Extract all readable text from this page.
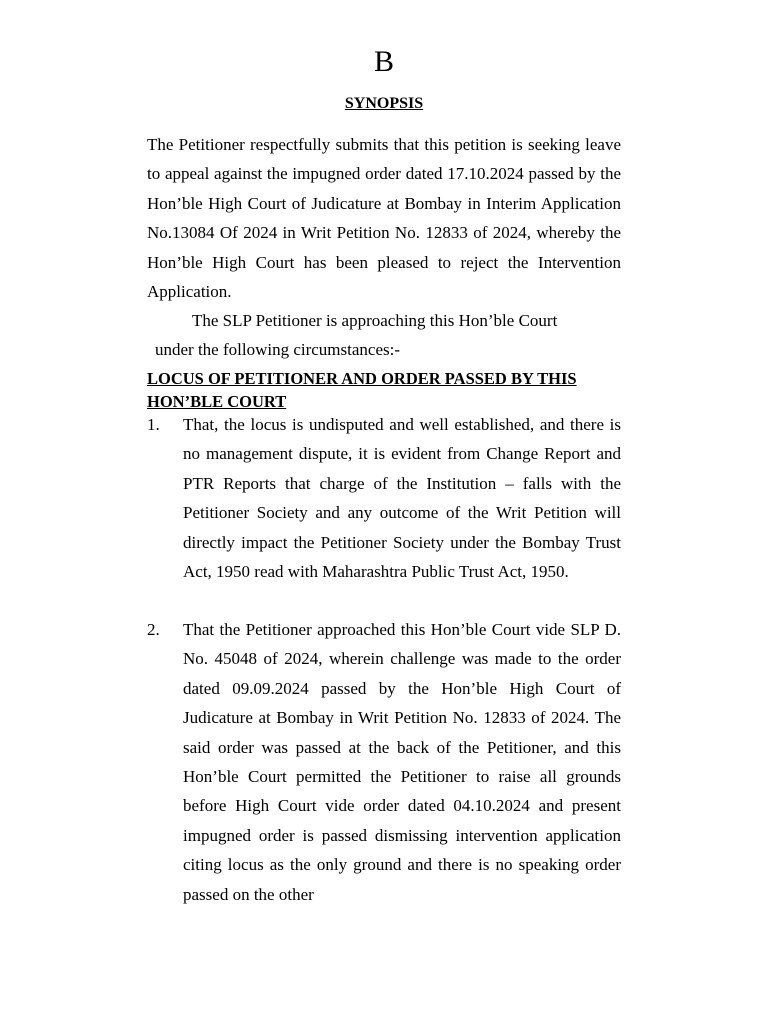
B
SYNOPSIS

The Petitioner respectfully submits that this petition is seeking leave to appeal against the impugned order dated 17.10.2024 passed by the Hon’ble High Court of Judicature at Bombay in Interim Application No.13084 Of 2024 in Writ Petition No. 12833 of 2024, whereby the Hon’ble High Court has been pleased to reject the Intervention Application.

The SLP Petitioner is approaching this Hon’ble Court

under the following circumstances:-

LOCUS OF PETITIONER AND ORDER PASSED BY THIS HON’BLE COURT

1. That, the locus is undisputed and well established, and there is no management dispute, it is evident from Change Report and PTR Reports that charge of the Institution – falls with the Petitioner Society and any outcome of the Writ Petition will directly impact the Petitioner Society under the Bombay Trust Act, 1950 read with Maharashtra Public Trust Act, 1950.
2. That the Petitioner approached this Hon’ble Court vide SLP D. No. 45048 of 2024, wherein challenge was made to the order dated 09.09.2024 passed by the Hon’ble High Court of Judicature at Bombay in Writ Petition No. 12833 of 2024. The said order was passed at the back of the Petitioner, and this Hon’ble Court permitted the Petitioner to raise all grounds before High Court vide order dated 04.10.2024 and present impugned order is passed dismissing intervention application citing locus as the only ground and there is no speaking order passed on the other
